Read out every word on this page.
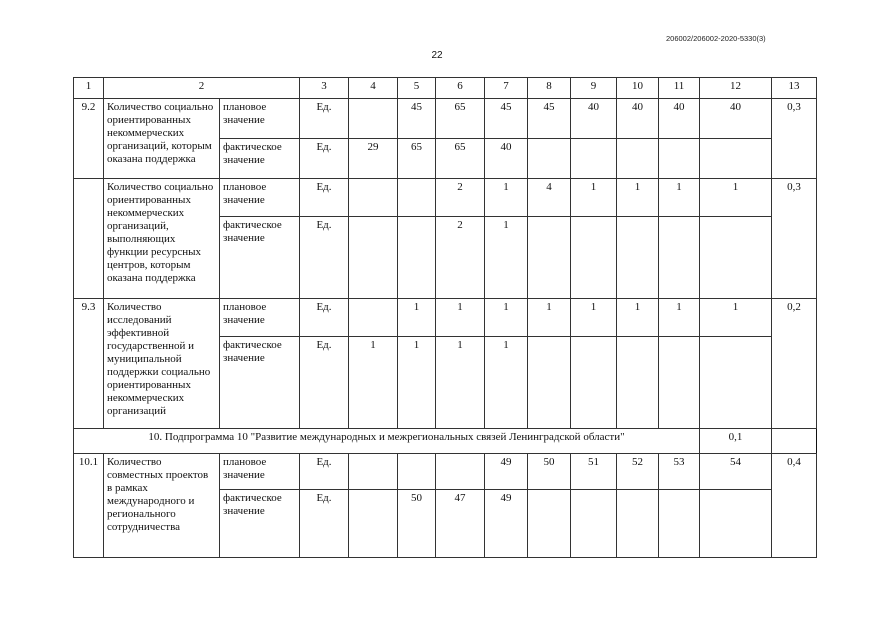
206002/206002-2020-5330(3)
22
1	2		3	4	5	6	7	8	9	10	11	12	13
9.2	Количество социально ориентированных некоммерческих организаций, которым оказана поддержка	плановое значение	Ед.		45	65	45	45	40	40	40	40	0,3
		фактическое значение	Ед.	29	65	65	40						
	Количество социально ориентированных некоммерческих организаций, выполняющих функции ресурсных центров, которым оказана поддержка	плановое значение	Ед.			2	1	4	1	1	1	1	0,3
		фактическое значение	Ед.			2	1						
9.3	Количество исследований эффективной государственной и муниципальной поддержки социально ориентированных некоммерческих организаций	плановое значение	Ед.		1	1	1	1	1	1	1	1	0,2
		фактическое значение	Ед.	1	1	1	1						
10. Подпрограмма 10 "Развитие международных и межрегиональных связей Ленинградской области"												0,1	
10.1	Количество совместных проектов в рамках международного и регионального сотрудничества	плановое значение	Ед.				49	50	51	52	53	54	0,4
		фактическое значение	Ед.		50	47	49						
